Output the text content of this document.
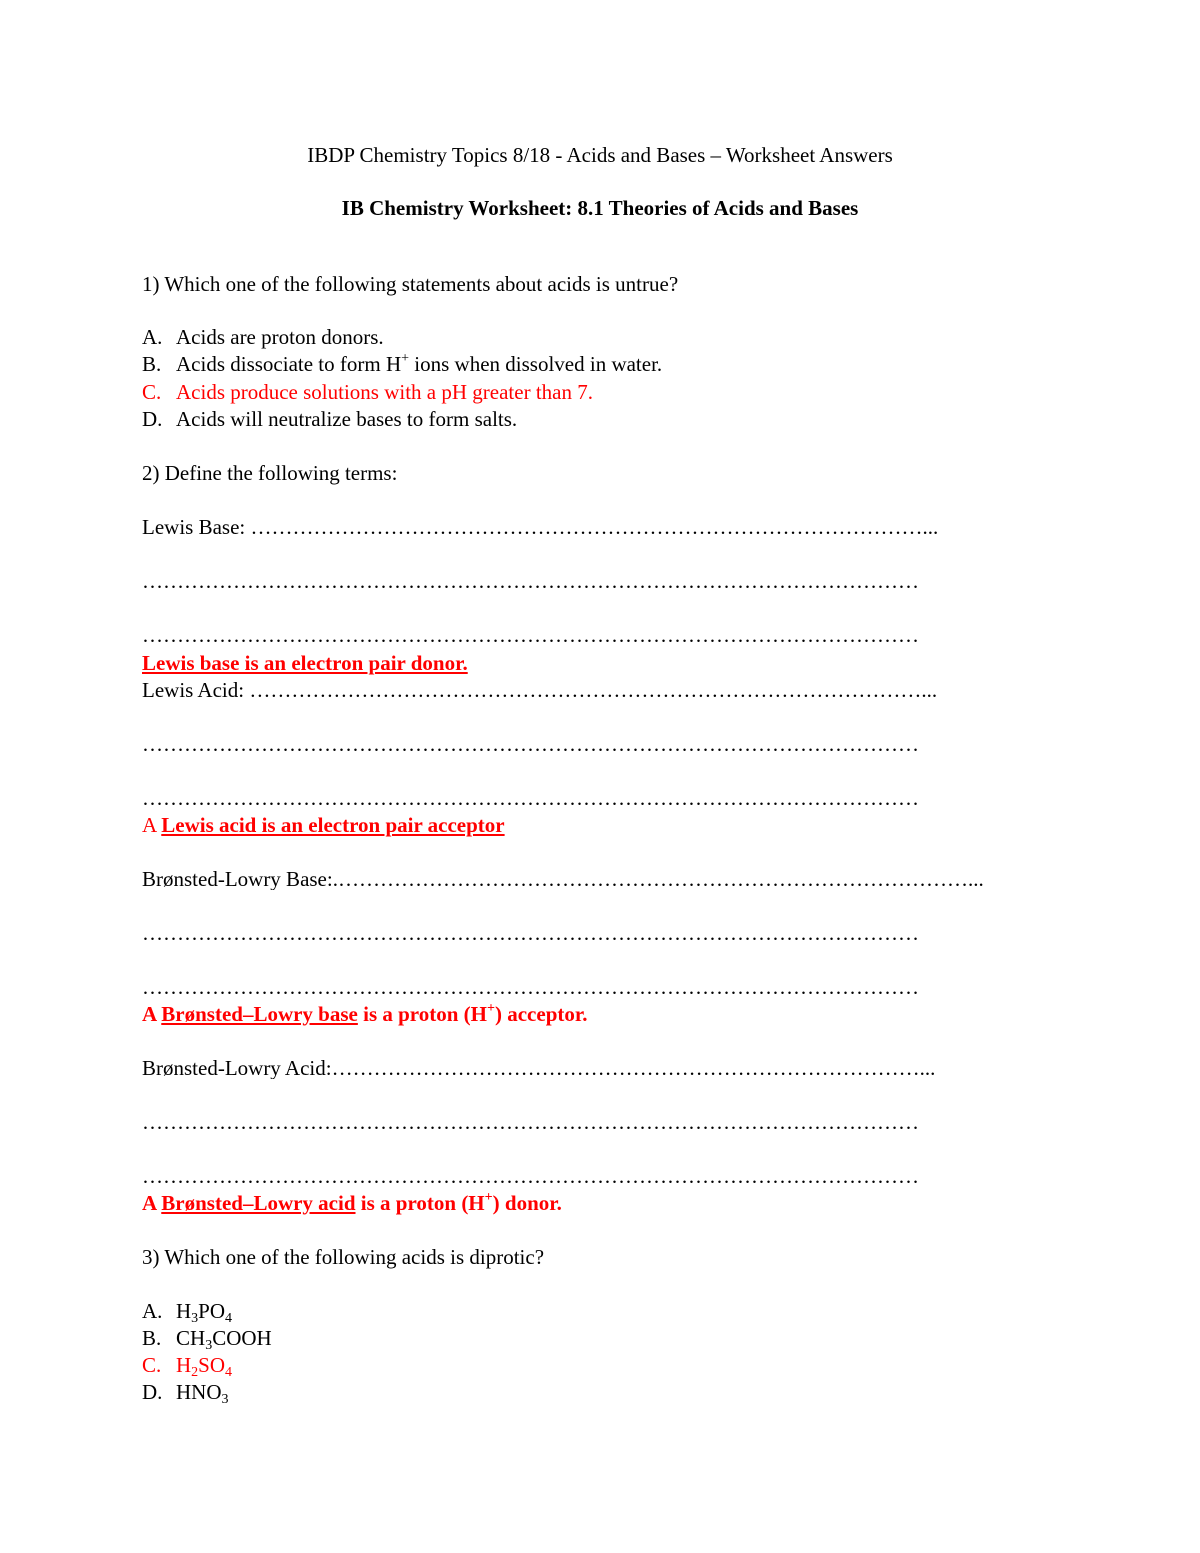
IBDP Chemistry Topics 8/18 - Acids and Bases – Worksheet Answers
IB Chemistry Worksheet: 8.1 Theories of Acids and Bases
1) Which one of the following statements about acids is untrue?
A. Acids are proton donors.
B. Acids dissociate to form H+ ions when dissolved in water.
C. Acids produce solutions with a pH greater than 7.
D. Acids will neutralize bases to form salts.
2) Define the following terms:
Lewis Base: ……………………………………………………………………………………...
…………………………………………………………………………………………………
…………………………………………………………………………………………………
Lewis base is an electron pair donor.
Lewis Acid: ……………………………………………………………………………………...
…………………………………………………………………………………………………
…………………………………………………………………………………………………
A Lewis acid is an electron pair acceptor
Brønsted-Lowry Base:.………………………………………………………………………………...
…………………………………………………………………………………………………
…………………………………………………………………………………………………
A Brønsted–Lowry base is a proton (H+) acceptor.
Brønsted-Lowry Acid:…………………………………………………………………………...
…………………………………………………………………………………………………
…………………………………………………………………………………………………
A Brønsted–Lowry acid is a proton (H+) donor.
3) Which one of the following acids is diprotic?
A. $H_3PO_4$
B. $CH_3COOH$
C. $H_2SO_4$
D. $HNO_3$
